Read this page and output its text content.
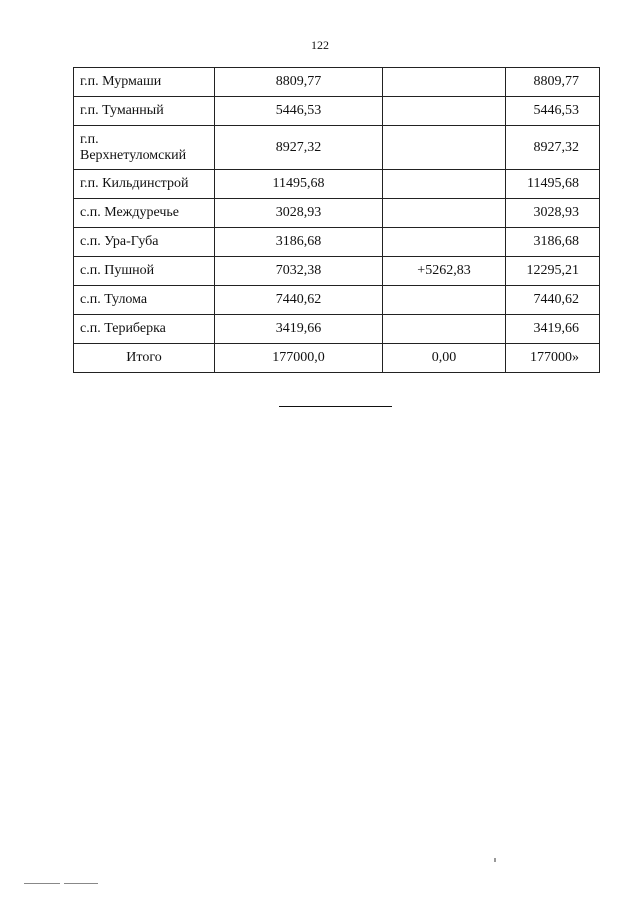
122
г.п. Мурмаши	8809,77		8809,77
г.п. Туманный	5446,53		5446,53

г.п.
Верхнетуломский	8927,32		8927,32
г.п. Кильдинстрой	11495,68		11495,68
с.п. Междуречье	3028,93		3028,93
с.п. Ура-Губа	3186,68		3186,68
с.п. Пушной	7032,38	+5262,83	12295,21
с.п. Тулома	7440,62		7440,62
с.п. Териберка	3419,66		3419,66
Итого	177000,0	0,00	177000»
